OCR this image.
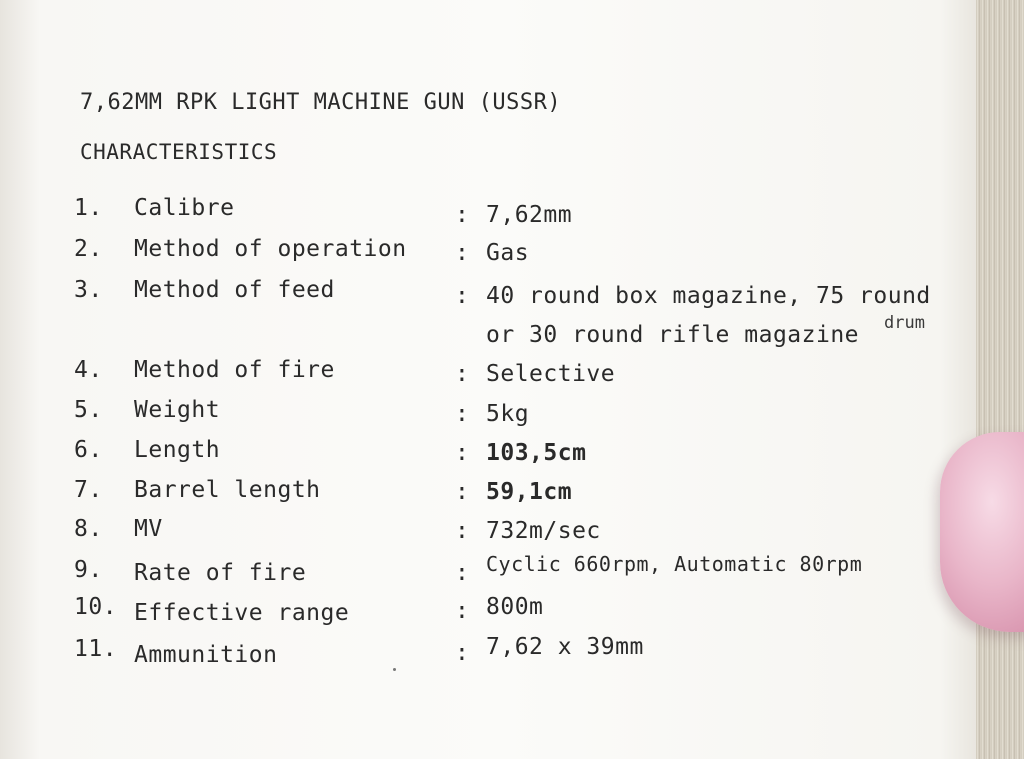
7,62MM RPK LIGHT MACHINE GUN (USSR)
CHARACTERISTICS
1.	Calibre	: 7,62mm
2.	Method of operation : Gas
3.	Method of feed	: 40 round box magazine, 75 round
or 30 round rifle magazine drum
4.	Method of fire	: Selective
5.	Weight	: 5kg
6.	Length	: 103,5cm
7.	Barrel length	: 59,1cm
8.	MV	: 732m/sec
9.	Rate of fire	: Cyclic 660rpm, Automatic 80rpm
10. Effective range	: 800m
11. Ammunition	: 7,62 x 39mm
